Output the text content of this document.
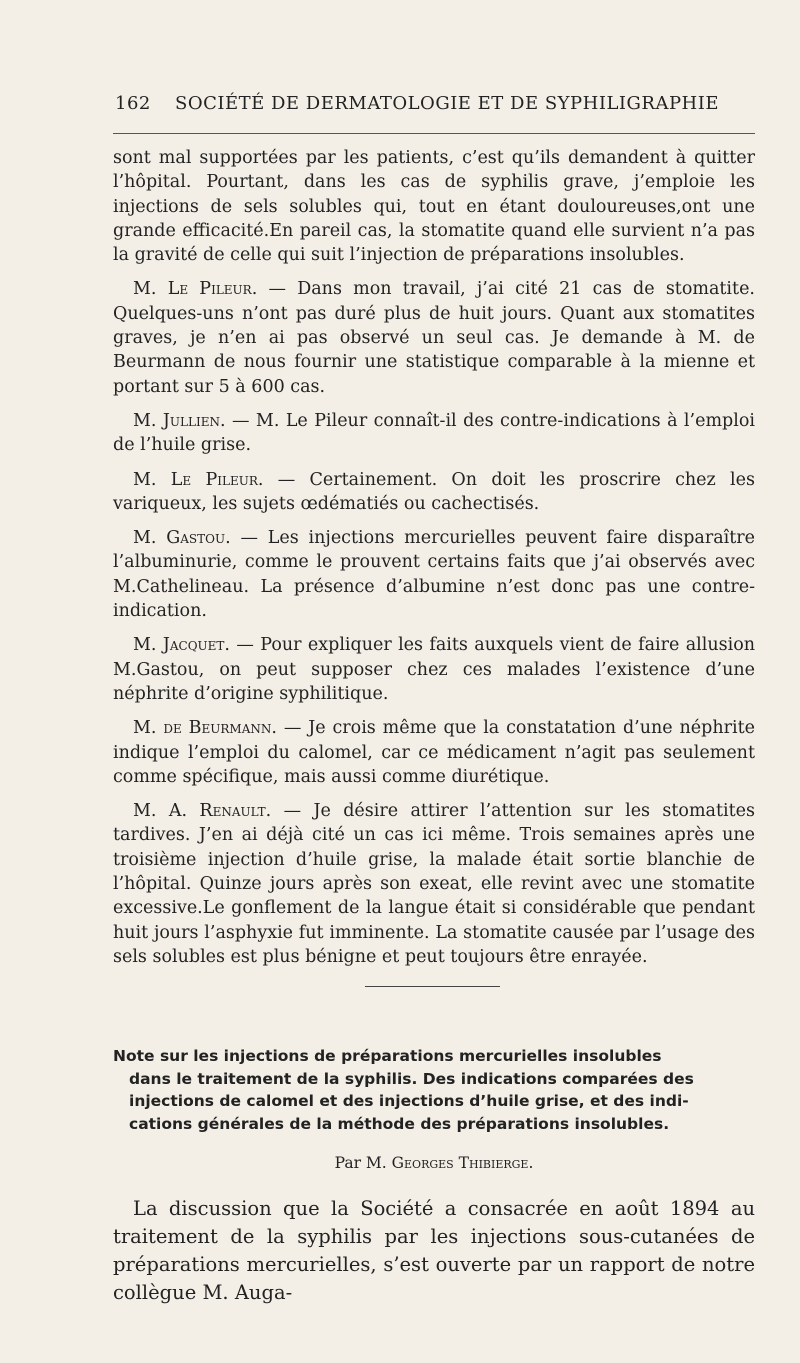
162 SOCIÉTÉ DE DERMATOLOGIE ET DE SYPHILIGRAPHIE

sont mal supportées par les patients, c’est qu’ils demandent à quitter l’hôpital. Pourtant, dans les cas de syphilis grave, j’emploie les injections de sels solubles qui, tout en étant douloureuses,ont une grande efficacité.En pareil cas, la stomatite quand elle survient n’a pas la gravité de celle qui suit l’injection de préparations insolubles.

M. Le Pileur. — Dans mon travail, j’ai cité 21 cas de stomatite. Quelques-uns n’ont pas duré plus de huit jours. Quant aux stomatites graves, je n’en ai pas observé un seul cas. Je demande à M. de Beurmann de nous fournir une statistique comparable à la mienne et portant sur 5 à 600 cas.

M. Jullien. — M. Le Pileur connaît-il des contre-indications à l’emploi de l’huile grise.

M. Le Pileur. — Certainement. On doit les proscrire chez les variqueux, les sujets œdématiés ou cachectisés.

M. Gastou. — Les injections mercurielles peuvent faire disparaître l’albuminurie, comme le prouvent certains faits que j’ai observés avec M.Cathelineau. La présence d’albumine n’est donc pas une contre-indication.

M. Jacquet. — Pour expliquer les faits auxquels vient de faire allusion M.Gastou, on peut supposer chez ces malades l’existence d’une néphrite d’origine syphilitique.

M. de Beurmann. — Je crois même que la constatation d’une néphrite indique l’emploi du calomel, car ce médicament n’agit pas seulement comme spécifique, mais aussi comme diurétique.

M. A. Renault. — Je désire attirer l’attention sur les stomatites tardives. J’en ai déjà cité un cas ici même. Trois semaines après une troisième injection d’huile grise, la malade était sortie blanchie de l’hôpital. Quinze jours après son exeat, elle revint avec une stomatite excessive.Le gonflement de la langue était si considérable que pendant huit jours l’asphyxie fut imminente. La stomatite causée par l’usage des sels solubles est plus bénigne et peut toujours être enrayée.

Note sur les injections de préparations mercurielles insolubles
dans le traitement de la syphilis. Des indications comparées des
injections de calomel et des injections d’huile grise, et des indi-
cations générales de la méthode des préparations insolubles.
Par M. Georges Thibierge.

La discussion que la Société a consacrée en août 1894 au traitement de la syphilis par les injections sous-cutanées de préparations mercurielles, s’est ouverte par un rapport de notre collègue M. Auga-
